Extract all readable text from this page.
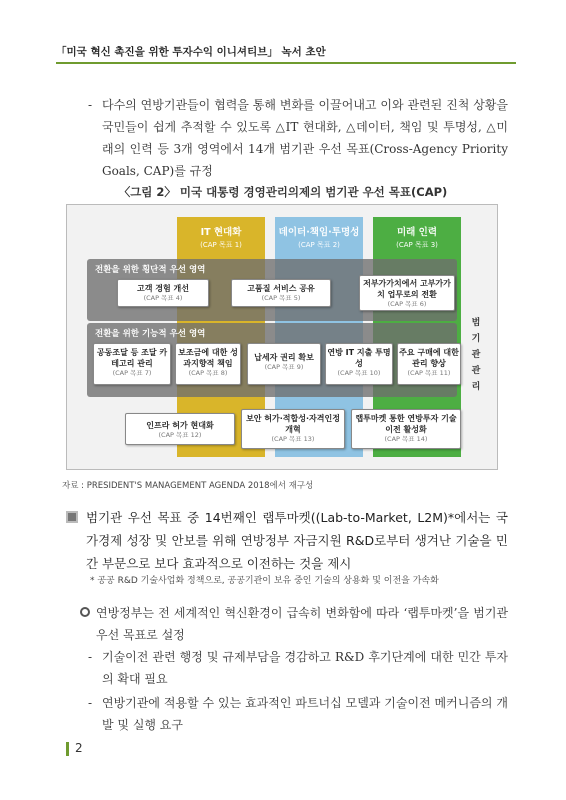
「미국 혁신 촉진을 위한 투자수익 이니셔티브」 녹서 초안
- 다수의 연방기관들이 협력을 통해 변화를 이끌어내고 이와 관련된 진척 상황을 국민들이 쉽게 추적할 수 있도록 △IT 현대화, △데이터, 책임 및 투명성, △미래의 인력 등 3개 영역에서 14개 범기관 우선 목표(Cross-Agency Priority Goals, CAP)를 규정
〈그림 2〉 미국 대통령 경영관리의제의 범기관 우선 목표(CAP)
IT 현대화
(CAP 목표 1)
데이터·책임·투명성
(CAP 목표 2)
미래 인력
(CAP 목표 3)
전환을 위한 횡단적 우선 영역
고객 경험 개선
(CAP 목표 4)
고품질 서비스 공유
(CAP 목표 5)
저부가가치에서 고부가가치 업무로의 전환
(CAP 목표 6)
전환을 위한 기능적 우선 영역
공동조달 등 조달 카테고리 관리
(CAP 목표 7)
보조금에 대한 성과지향적 책임
(CAP 목표 8)
납세자 권리 확보
(CAP 목표 9)
연방 IT 지출 투명성
(CAP 목표 10)
주요 구매에 대한 관리 향상
(CAP 목표 11)
인프라 허가 현대화
(CAP 목표 12)
보안 허가·적합성·자격인정 개혁
(CAP 목표 13)
랩투마켓 통한 연방투자 기술이전 활성화
(CAP 목표 14)
범기관관리
자료 : PRESIDENT'S MANAGEMENT AGENDA 2018에서 재구성
범기관 우선 목표 중 14번째인 랩투마켓((Lab-to-Market, L2M)*에서는 국가경제 성장 및 안보를 위해 연방정부 자금지원 R&D로부터 생겨난 기술을 민간 부문으로 보다 효과적으로 이전하는 것을 제시
* 공공 R&D 기술사업화 정책으로, 공공기관이 보유 중인 기술의 상용화 및 이전을 가속화
연방정부는 전 세계적인 혁신환경이 급속히 변화함에 따라 ‘랩투마켓’을 범기관 우선 목표로 설정
- 기술이전 관련 행정 및 규제부담을 경감하고 R&D 후기단계에 대한 민간 투자의 확대 필요
- 연방기관에 적용할 수 있는 효과적인 파트너십 모델과 기술이전 메커니즘의 개발 및 실행 요구
2
